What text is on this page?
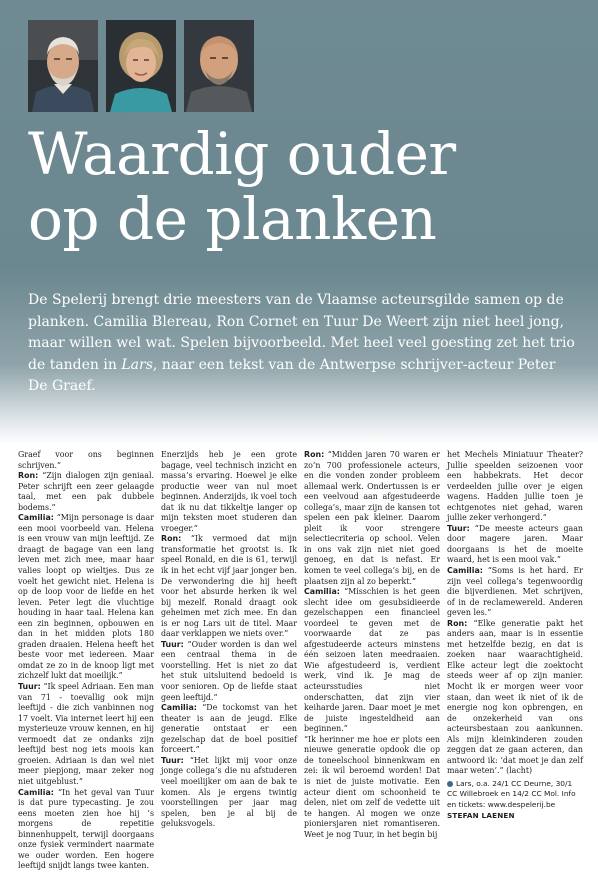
Waardig ouder
op de planken

De Spelerij brengt drie meesters van de Vlaamse acteursgilde samen op de planken. Camilia Blereau, Ron Cornet en Tuur De Weert zijn niet heel jong, maar willen wel wat. Spelen bijvoorbeeld. Met heel veel goesting zet het trio de tanden in Lars, naar een tekst van de Antwerpse schrijver-acteur Peter De Graef.

Graef voor ons beginnen schrijven.”

Ron: “Zijn dialogen zijn geniaal. Peter schrijft een zeer gelaagde taal, met een pak dubbele bodems.”

Camilia: “Mijn personage is daar een mooi voorbeeld van. Helena is een vrouw van mijn leeftijd. Ze draagt de bagage van een lang leven met zich mee, maar haar valies loopt op wieltjes. Dus ze voelt het gewicht niet. Helena is op de loop voor de liefde en het leven. Peter legt die vluchtige houding in haar taal. Helena kan een zin beginnen, opbouwen en dan in het midden plots 180 graden draaien. Helena heeft het beste voor met iedereen. Maar omdat ze zo in de knoop ligt met zichzelf lukt dat moeilijk.”

Tuur: “Ik speel Adriaan. Een man van 71 - toevallig ook mijn leeftijd - die zich vanbinnen nog 17 voelt. Via internet leert hij een mysterieuze vrouw kennen, en hij vermoedt dat ze ondanks zijn leeftijd best nog iets moois kan groeien. Adriaan is dan wel niet meer piepjong, maar zeker nog niet uitgeblust.”

Camilia: “In het geval van Tuur is dat pure typecasting. Je zou eens moeten zien hoe hij ’s morgens de repetitie binnenhuppelt, terwijl doorgaans onze fysiek vermindert naarmate we ouder worden. Een hogere leeftijd snijdt langs twee kanten.

Enerzijds heb je een grote bagage, veel technisch inzicht en massa’s ervaring. Hoewel je elke productie weer van nul moet beginnen. Anderzijds, ik voel toch dat ik nu dat tikkeltje langer op mijn teksten moet studeren dan vroeger.”

Ron: “Ik vermoed dat mijn transformatie het grootst is. Ik speel Ronald, en die is 61, terwijl ik in het echt vijf jaar jonger ben. De verwondering die hij heeft voor het absurde herken ik wel bij mezelf. Ronald draagt ook geheimen met zich mee. En dan is er nog Lars uit de titel. Maar daar verklappen we niets over.”

Tuur: “Ouder worden is dan wel een centraal thema in de voorstelling. Het is niet zo dat het stuk uitsluitend bedoeld is voor senioren. Op de liefde staat geen leeftijd.”

Camilia: “De tockomst van het theater is aan de jeugd. Elke generatie ontstaat er een gezelschap dat de boel positief forceert.”

Tuur: “Het lijkt mij voor onze jonge collega’s die nu afstuderen veel moeilijker om aan de bak te komen. Als je ergens twintig voorstellingen per jaar mag spelen, ben je al bij de geluksvogels.

Ron: “Midden jaren 70 waren er zo’n 700 professionele acteurs, en die vonden zonder probleem allemaal werk. Ondertussen is er een veelvoud aan afgestudeerde collega’s, maar zijn de kansen tot spelen een pak kleiner. Daarom pleit ik voor strengere selectiecriteria op school. Velen in ons vak zijn niet niet goed genoeg, en dat is nefast. Er komen te veel collega’s bij, en de plaatsen zijn al zo beperkt.”

Camilia: “Misschien is het geen slecht idee om gesubsidieerde gezelschappen een financieel voordeel te geven met de voorwaarde dat ze pas afgestudeerde acteurs minstens één seizoen laten meedraaien. Wie afgestudeerd is, verdient werk, vind ik. Je mag de acteursstudies niet onderschatten, dat zijn vier keiharde jaren. Daar moet je met de juiste ingesteldheid aan beginnen.”

“Ik herinner me hoe er plots een nieuwe generatie opdook die op de toneelschool binnenkwam en zei: ik wil beroemd worden! Dat is niet de juiste motivatie. Een acteur dient om schoonheid te delen, niet om zelf de vedette uit te hangen. Al mogen we onze pioniersjaren niet romantiseren. Weet je nog Tuur, in het begin bij

het Mechels Miniatuur Theater? Jullie speelden seizoenen voor een habbekrats. Het decor verdeelden jullie over je eigen wagens. Hadden jullie toen je echtgenotes niet gehad, waren jullie zeker verhongerd.”

Tuur: “De meeste acteurs gaan door magere jaren. Maar doorgaans is het de moeite waard, het is een mooi vak.”

Camilia: “Soms is het hard. Er zijn veel collega’s tegenwoordig die bijverdienen. Met schrijven, of in de reclamewereld. Anderen geven les.”

Ron: “Elke generatie pakt het anders aan, maar is in essentie met hetzelfde bezig, en dat is zoeken naar waarachtigheid. Elke acteur legt die zoektocht steeds weer af op zijn manier. Mocht ik er morgen weer voor staan, dan weet ik niet of ik de energie nog kon opbrengen, en de onzekerheid van ons acteursbestaan zou aankunnen. Als mijn kleinkinderen zouden zeggen dat ze gaan acteren, dan antwoord ik: ‘dat moet je dan zelf maar weten’.” (lacht)

Lars, o.a. 24/1 CC Deurne, 30/1 CC Willebroek en 14/2 CC Mol. Info en tickets: www.despelerij.be

STEFAN LAENEN
